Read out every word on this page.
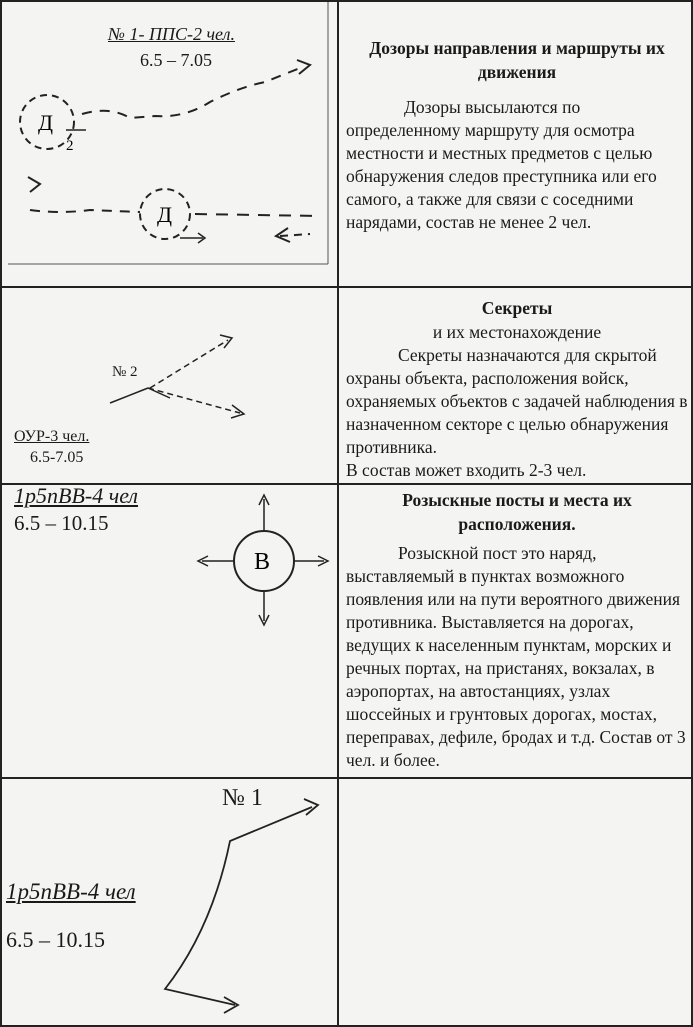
№ 1- ППС-2 чел.
6.5 – 7.05
Д
2
Д

Дозоры направления и маршруты их движения

Дозоры высылаются по определенному маршруту для осмотра местности и местных предметов с целью обнаружения следов преступника или его самого, а также для связи с соседними нарядами, состав не менее 2 чел.

№ 2
ОУР-3 чел.
6.5-7.05

Секреты

и их местонахождение

Секреты назначаются для скрытой охраны объекта, расположения войск, охраняемых объектов с задачей наблюдения в назначенном секторе с целью обнаружения противника.

В состав может входить 2-3 чел.

1р5пВВ-4 чел
6.5 – 10.15
В

Розыскные посты и места их расположения.

Розыскной пост это наряд, выставляемый в пунктах возможного появления или на пути вероятного движения противника. Выставляется на дорогах, ведущих к населенным пунктам, морских и речных портах, на пристанях, вокзалах, в аэропортах, на автостанциях, узлах шоссейных и грунтовых дорогах, мостах, переправах, дефиле, бродах и т.д. Состав от 3 чел. и более.

№ 1
1р5пВВ-4 чел
6.5 – 10.15
